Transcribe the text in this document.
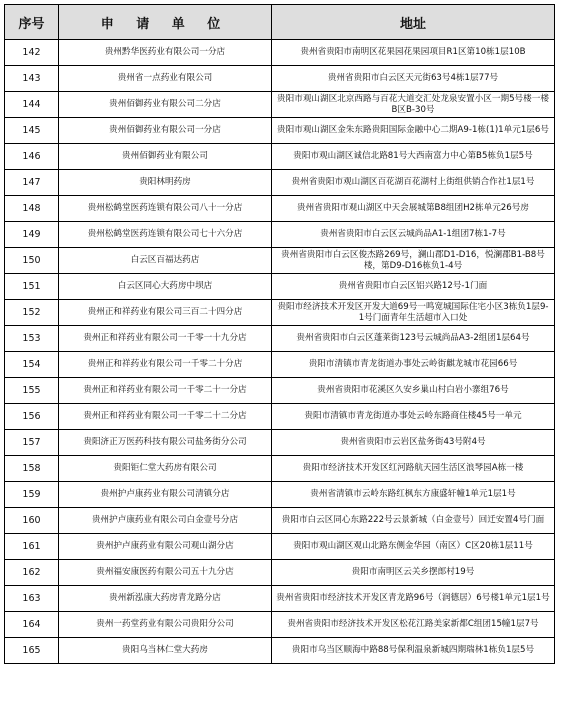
序号	申 请 单 位	地址
142	贵州黔华医药业有限公司一分店	贵州省贵阳市南明区花果园花果园项目R1区第10栋1层10B
143	贵州省一点药业有限公司	贵州省贵阳市白云区天元街63号4栋1层77号
144	贵州佰御药业有限公司二分店	贵阳市观山湖区北京西路与百花大道交汇处龙泉安置小区一期5号楼一楼B区B-30号
145	贵州佰御药业有限公司一分店	贵阳市观山湖区金朱东路贵阳国际金融中心二期A9-1栋(1)1单元1层6号
146	贵州佰御药业有限公司	贵阳市观山湖区诚信北路81号大西南富力中心第B5栋负1层5号
147	贵阳林明药房	贵州省贵阳市观山湖区百花湖百花湖村上街组供销合作社1层1号
148	贵州松鹤堂医药连锁有限公司八十一分店	贵州省贵阳市观山湖区中天会展城第B8组团H2栋单元26号房
149	贵州松鹤堂医药连锁有限公司七十六分店	贵州省贵阳市白云区云城尚品A1-1组团7栋1-7号
150	白云区百福达药店	贵州省贵阳市白云区俊杰路269号，澜山郡D1-D16，悦澜郡B1-B8号楼，第D9-D16栋负1-4号
151	白云区同心大药房中坝店	贵州省贵阳市白云区铝兴路12号-1门面
152	贵州正和祥药业有限公司三百二十四分店	贵阳市经济技术开发区开发大道69号一鸣宽城国际住宅小区3栋负1层9-1号门面青年生活超市入口处
153	贵州正和祥药业有限公司一千零一十九分店	贵州省贵阳市白云区蓬莱街123号云城尚品A3-2组团1层64号
154	贵州正和祥药业有限公司一千零二十分店	贵阳市清镇市青龙街道办事处云岭街麒龙城市花园66号
155	贵州正和祥药业有限公司一千零二十一分店	贵州省贵阳市花溪区久安乡巢山村白岩小寨组76号
156	贵州正和祥药业有限公司一千零二十二分店	贵阳市清镇市青龙街道办事处云岭东路商住楼45号一单元
157	贵阳济正万医药科技有限公司盐务街分公司	贵州省贵阳市云岩区盐务街43号附4号
158	贵阳钜仁堂大药房有限公司	贵阳市经济技术开发区红河路航天园生活区浪琴园A栋一楼
159	贵州护卢康药业有限公司清镇分店	贵州省清镇市云岭东路红枫东方康盛轩幢1单元1层1号
160	贵州护卢康药业有限公司白金壹号分店	贵阳市白云区同心东路222号云景新城（白金壹号）回迁安置4号门面
161	贵州护卢康药业有限公司观山湖分店	贵阳市观山湖区观山北路东侧金华园（南区）C区20栋1层11号
162	贵州福安康医药有限公司五十九分店	贵阳市南明区云关乡摆郎村19号
163	贵州新泓康大药房青龙路分店	贵州省贵阳市经济技术开发区青龙路96号（润德居）6号楼1单元1层1号
164	贵州一药堂药业有限公司贵阳分公司	贵州省贵阳市经济技术开发区松花江路美家新都C组团15幢1层7号
165	贵阳乌当林仁堂大药房	贵阳市乌当区顺海中路88号保利温泉新城四期瑞林1栋负1层5号
